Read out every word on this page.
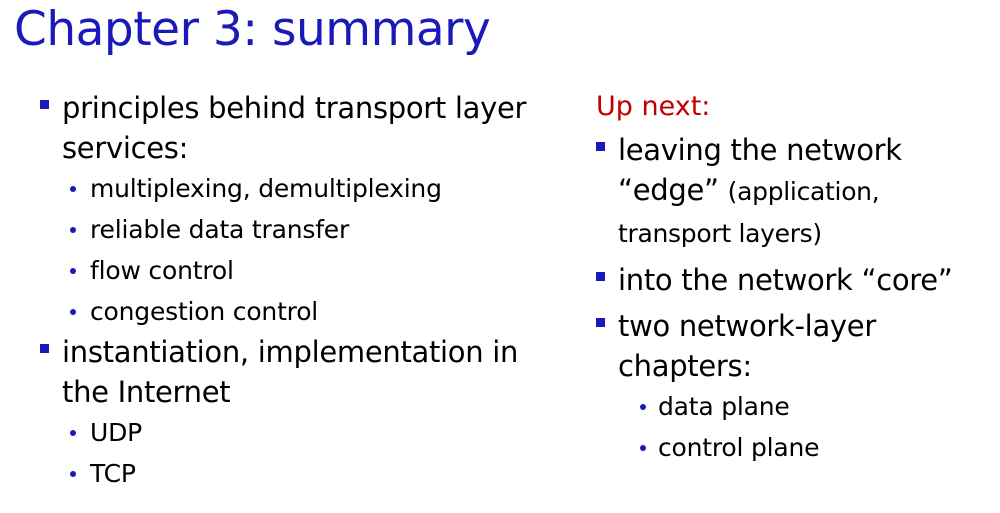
Chapter 3: summary
principles behind transport layer services:
multiplexing, demultiplexing
reliable data transfer
flow control
congestion control
instantiation, implementation in the Internet
UDP
TCP
Up next:
leaving the network “edge” (application, transport layers)
into the network “core”
two network-layer chapters:
data plane
control plane
